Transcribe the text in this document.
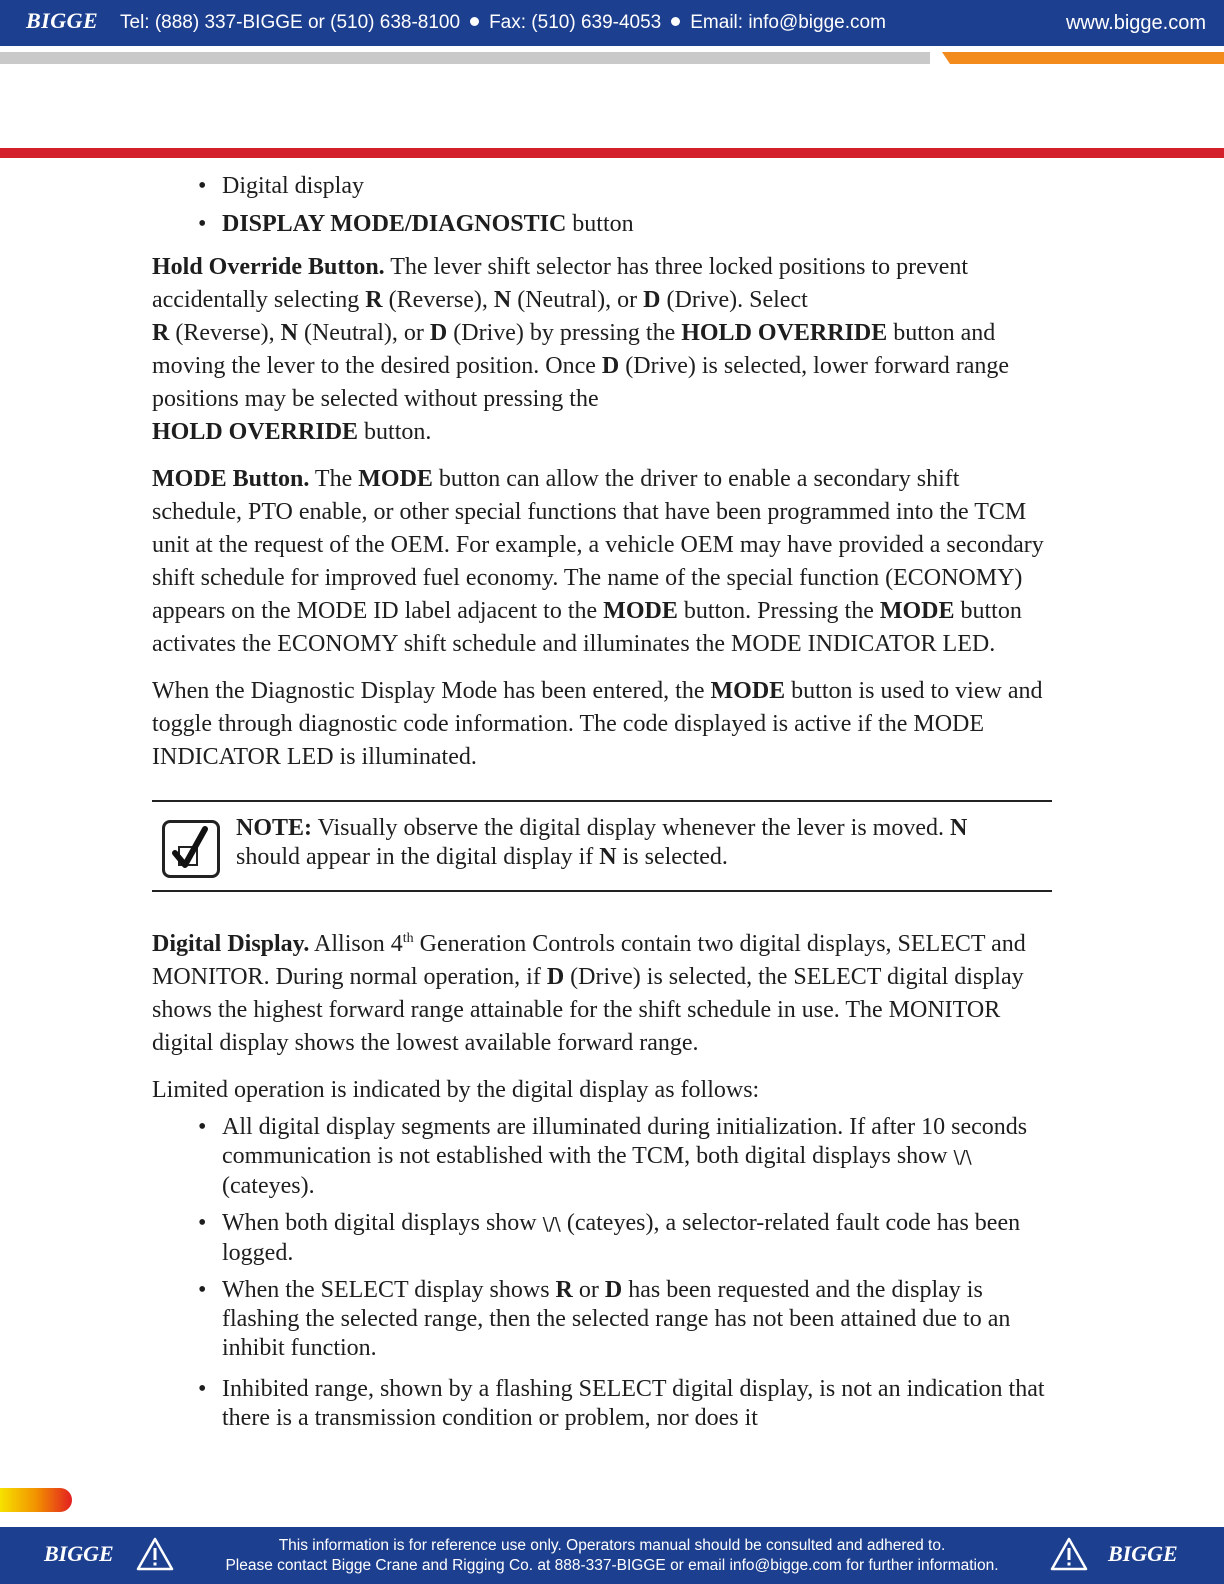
BIGGE Tel: (888) 337-BIGGE or (510) 638-8100 Fax: (510) 639-4053 Email: info@bigge.com	www.bigge.com
• Digital display
• DISPLAY MODE/DIAGNOSTIC button

Hold Override Button. The lever shift selector has three locked positions to prevent accidentally selecting R (Reverse), N (Neutral), or D (Drive). Select
R (Reverse), N (Neutral), or D (Drive) by pressing the HOLD OVERRIDE button and moving the lever to the desired position. Once D (Drive) is selected, lower forward range positions may be selected without pressing the
HOLD OVERRIDE button.

MODE Button. The MODE button can allow the driver to enable a secondary shift schedule, PTO enable, or other special functions that have been programmed into the TCM unit at the request of the OEM. For example, a vehicle OEM may have provided a secondary shift schedule for improved fuel economy. The name of the special function (ECONOMY) appears on the MODE ID label adjacent to the MODE button. Pressing the MODE button activates the ECONOMY shift schedule and illuminates the MODE INDICATOR LED.

When the Diagnostic Display Mode has been entered, the MODE button is used to view and toggle through diagnostic code information. The code displayed is active if the MODE INDICATOR LED is illuminated.

NOTE: Visually observe the digital display whenever the lever is moved. N should appear in the digital display if N is selected.

Digital Display. Allison 4th Generation Controls contain two digital displays, SELECT and MONITOR. During normal operation, if D (Drive) is selected, the SELECT digital display shows the highest forward range attainable for the shift schedule in use. The MONITOR digital display shows the lowest available forward range.

Limited operation is indicated by the digital display as follows:

• All digital display segments are illuminated during initialization. If after 10 seconds communication is not established with the TCM, both digital displays show \/\ (cateyes).
• When both digital displays show \/\ (cateyes), a selector-related fault code has been logged.
• When the SELECT display shows R or D has been requested and the display is flashing the selected range, then the selected range has not been attained due to an inhibit function.
• Inhibited range, shown by a flashing SELECT digital display, is not an indication that there is a transmission condition or problem, nor does it
BIGGE	This information is for reference use only. Operators manual should be consulted and adhered to.
Please contact Bigge Crane and Rigging Co. at 888-337-BIGGE or email info@bigge.com for further information.	BIGGE
